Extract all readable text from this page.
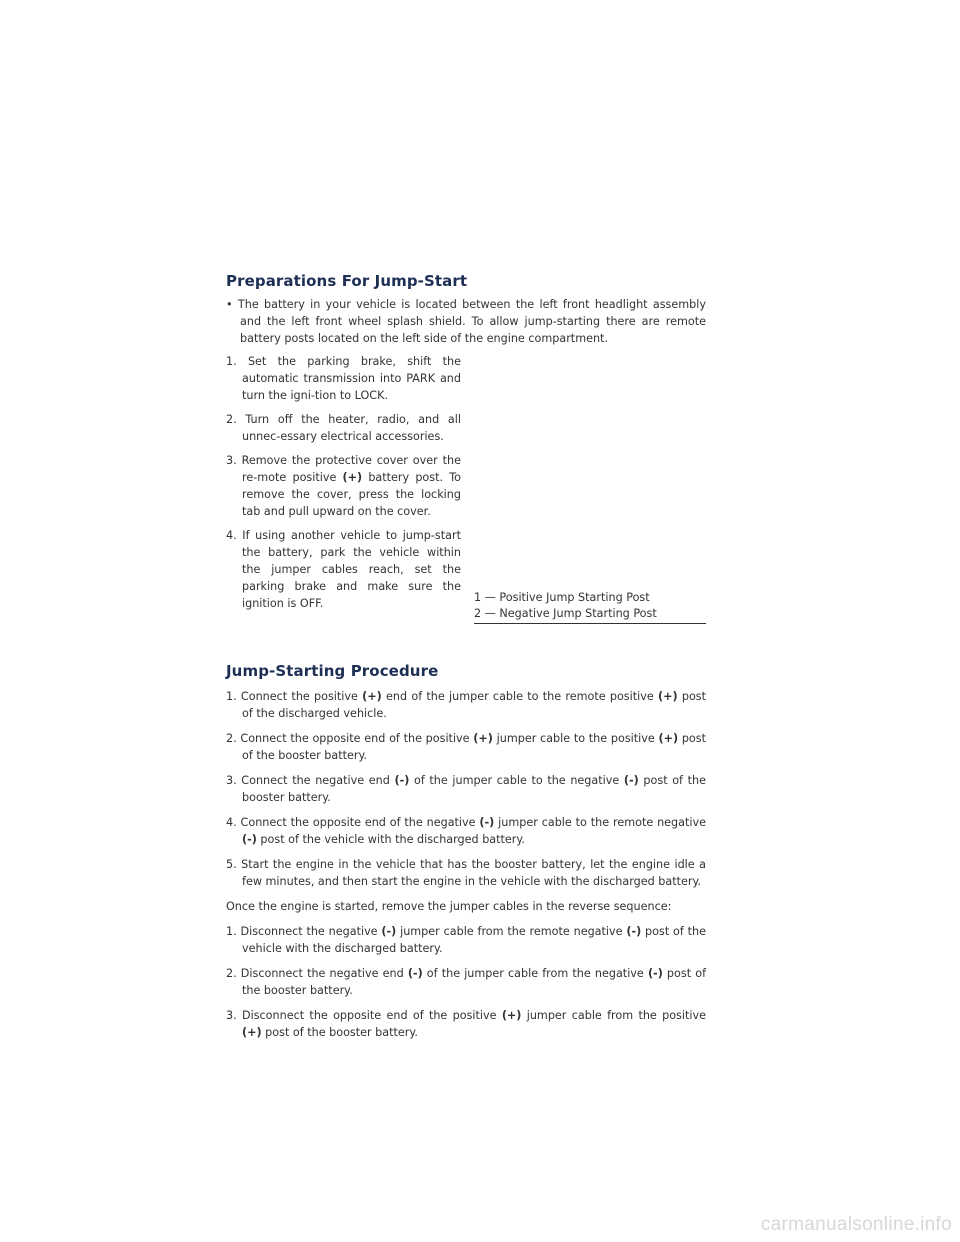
Preparations For Jump-Start

• The battery in your vehicle is located between the left front headlight assembly and the left front wheel splash shield. To allow jump-starting there are remote battery posts located on the left side of the engine compartment.

1. Set the parking brake, shift the automatic transmission into PARK and turn the igni-tion to LOCK.

2. Turn off the heater, radio, and all unnec-essary electrical accessories.

3. Remove the protective cover over the re-mote positive (+) battery post. To remove the cover, press the locking tab and pull upward on the cover.

4. If using another vehicle to jump-start the battery, park the vehicle within the jumper cables reach, set the parking brake and make sure the ignition is OFF.	1 — Positive Jump Starting Post

2 — Negative Jump Starting Post

Jump-Starting Procedure

1. Connect the positive (+) end of the jumper cable to the remote positive (+) post of the discharged vehicle.

2. Connect the opposite end of the positive (+) jumper cable to the positive (+) post of the booster battery.

3. Connect the negative end (-) of the jumper cable to the negative (-) post of the booster battery.

4. Connect the opposite end of the negative (-) jumper cable to the remote negative (-) post of the vehicle with the discharged battery.

5. Start the engine in the vehicle that has the booster battery, let the engine idle a few minutes, and then start the engine in the vehicle with the discharged battery.

Once the engine is started, remove the jumper cables in the reverse sequence:

1. Disconnect the negative (-) jumper cable from the remote negative (-) post of the vehicle with the discharged battery.

2. Disconnect the negative end (-) of the jumper cable from the negative (-) post of the booster battery.

3. Disconnect the opposite end of the positive (+) jumper cable from the positive (+) post of the booster battery.

carmanualsonline.info
